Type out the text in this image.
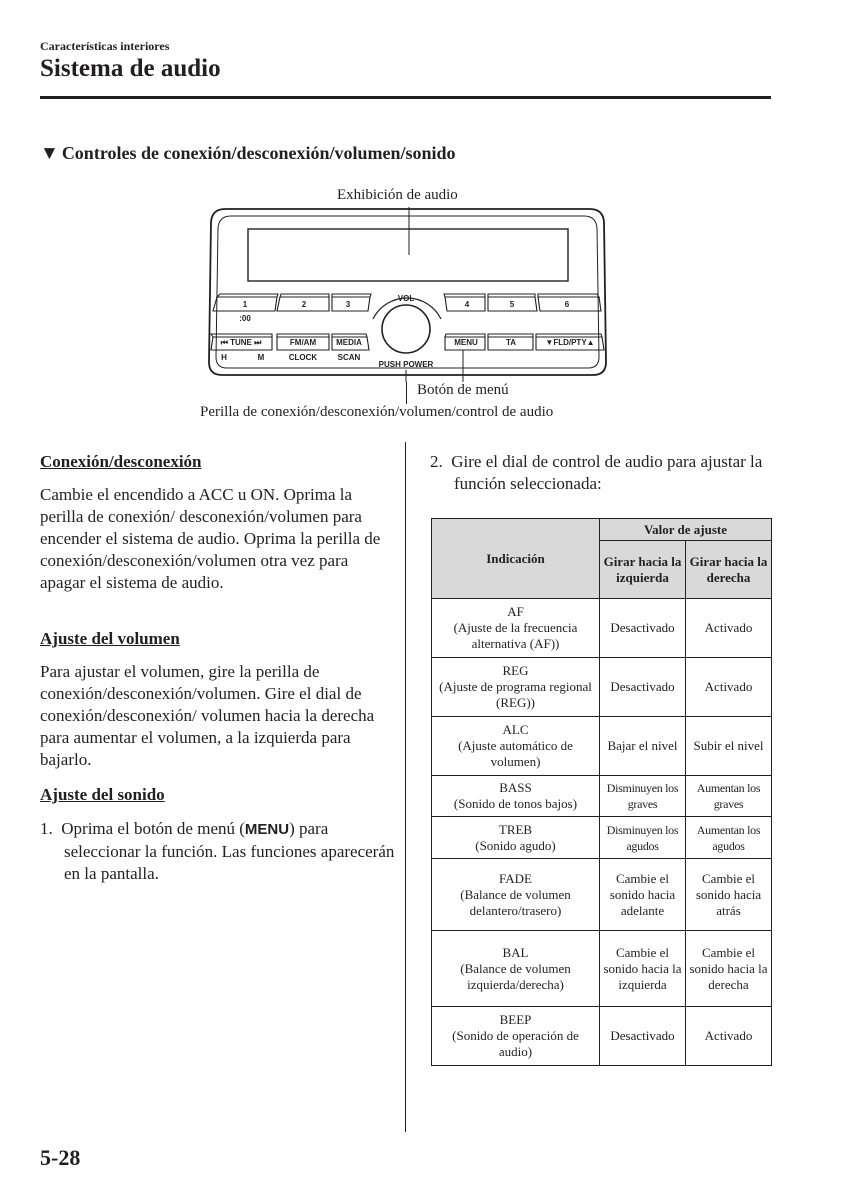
Características interiores
Sistema de audio
▼ Controles de conexión/desconexión/volumen/sonido
Exhibición de audio
1
:00
2	3	4	5	6
⏮ TUNE ⏭
H	M
FM/AM
CLOCK
MEDIA
SCAN
MENU	TA	▼FLD/PTY▲
VOL
PUSH POWER
Botón de menú
Perilla de conexión/desconexión/volumen/control de audio
Conexión/desconexión
Cambie el encendido a ACC u ON. Oprima la perilla de conexión/ desconexión/volumen para encender el sistema de audio. Oprima la perilla de conexión/desconexión/volumen otra vez para apagar el sistema de audio.
Ajuste del volumen
Para ajustar el volumen, gire la perilla de conexión/desconexión/volumen. Gire el dial de conexión/desconexión/ volumen hacia la derecha para aumentar el volumen, a la izquierda para bajarlo.
Ajuste del sonido
1. Oprima el botón de menú (MENU) para seleccionar la función. Las funciones aparecerán en la pantalla.
2. Gire el dial de control de audio para ajustar la función seleccionada:
Indicación	Valor de ajuste	
	Girar hacia la izquierda	Girar hacia la derecha

AF
(Ajuste de la frecuencia alternativa (AF))	Desactivado	Activado

REG
(Ajuste de programa regional (REG))	Desactivado	Activado

ALC
(Ajuste automático de volumen)	Bajar el nivel	Subir el nivel

BASS
(Sonido de tonos bajos)	Disminuyen los graves	Aumentan los graves

TREB
(Sonido agudo)	Disminuyen los agudos	Aumentan los agudos

FADE
(Balance de volumen delantero/trasero)	Cambie el sonido hacia adelante	Cambie el sonido hacia atrás

BAL
(Balance de volumen izquierda/derecha)	Cambie el sonido hacia la izquierda	Cambie el sonido hacia la derecha

BEEP
(Sonido de operación de audio)	Desactivado	Activado
5-28
